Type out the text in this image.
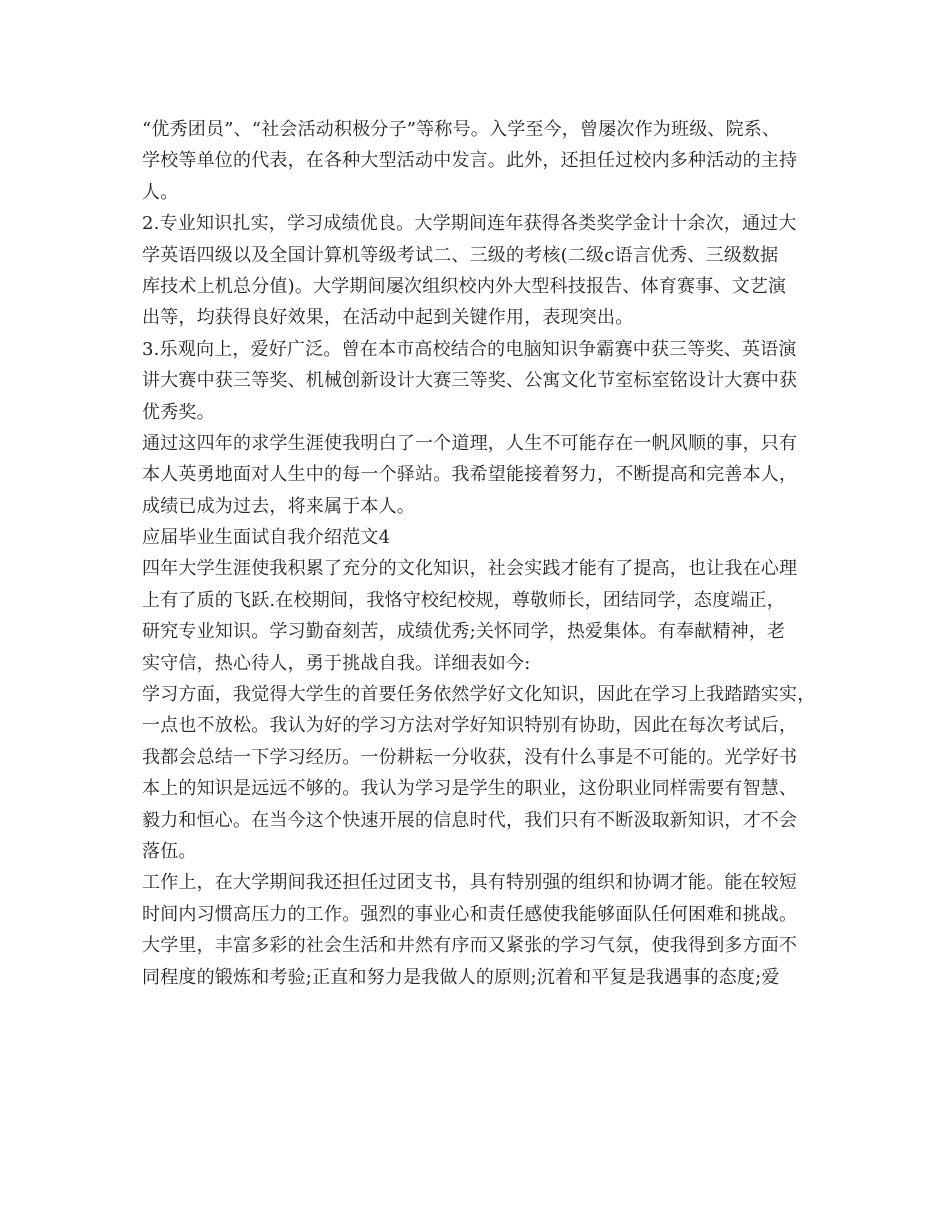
“优秀团员”、“社会活动积极分子”等称号。入学至今，曾屡次作为班级、院系、
学校等单位的代表，在各种大型活动中发言。此外，还担任过校内多种活动的主持
人。
2.专业知识扎实，学习成绩优良。大学期间连年获得各类奖学金计十余次，通过大
学英语四级以及全国计算机等级考试二、三级的考核(二级c语言优秀、三级数据
库技术上机总分值)。大学期间屡次组织校内外大型科技报告、体育赛事、文艺演
出等，均获得良好效果，在活动中起到关键作用，表现突出。
3.乐观向上，爱好广泛。曾在本市高校结合的电脑知识争霸赛中获三等奖、英语演
讲大赛中获三等奖、机械创新设计大赛三等奖、公寓文化节室标室铭设计大赛中获
优秀奖。
通过这四年的求学生涯使我明白了一个道理，人生不可能存在一帆风顺的事，只有
本人英勇地面对人生中的每一个驿站。我希望能接着努力，不断提高和完善本人，
成绩已成为过去，将来属于本人。
应届毕业生面试自我介绍范文4
四年大学生涯使我积累了充分的文化知识，社会实践才能有了提高，也让我在心理
上有了质的飞跃.在校期间，我恪守校纪校规，尊敬师长，团结同学，态度端正，
研究专业知识。学习勤奋刻苦，成绩优秀;关怀同学，热爱集体。有奉献精神，老
实守信，热心待人，勇于挑战自我。详细表如今:
学习方面，我觉得大学生的首要任务依然学好文化知识，因此在学习上我踏踏实实，
一点也不放松。我认为好的学习方法对学好知识特别有协助，因此在每次考试后，
我都会总结一下学习经历。一份耕耘一分收获，没有什么事是不可能的。光学好书
本上的知识是远远不够的。我认为学习是学生的职业，这份职业同样需要有智慧、
毅力和恒心。在当今这个快速开展的信息时代，我们只有不断汲取新知识，才不会
落伍。
工作上，在大学期间我还担任过团支书，具有特别强的组织和协调才能。能在较短
时间内习惯高压力的工作。强烈的事业心和责任感使我能够面队任何困难和挑战。
大学里，丰富多彩的社会生活和井然有序而又紧张的学习气氛，使我得到多方面不
同程度的锻炼和考验;正直和努力是我做人的原则;沉着和平复是我遇事的态度;爱
